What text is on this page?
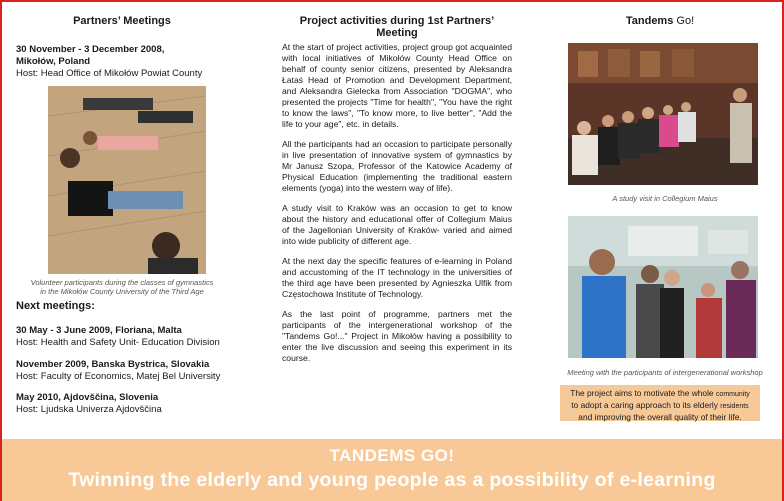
Partners’ Meetings
30 November - 3 December 2008,
Mikołów, Poland
Host: Head Office of Mikołów Powiat County
Volunteer participants during the classes of gymnastics
in the Mikołów County University of the Third Age
Next meetings:
30 May - 3 June 2009, Floriana, Malta
Host: Health and Safety Unit- Education Division
November 2009, Banska Bystrica, Slovakia
Host: Faculty of Economics, Matej Bel University
May 2010, Ajdovščina, Slovenia
Host: Ljudska Univerza Ajdovščina
Project activities during 1st Partners’ Meeting

At the start of project activities, project group got acquainted with local initiatives of Mikołów County Head Office on behalf of county senior citizens, presented by Aleksandra Łataś Head of Promotion and Development Department, and Aleksandra Gielecka from Association "DOGMA", who presented the projects "Time for health", "You have the right to know the laws", "To know more, to live better", "Add the life to your age", etc. in details.

All the participants had an occasion to participate personally in live presentation of innovative system of gymnastics by Mr Janusz Szopa, Professor of the Katowice Academy of Physical Education (implementing the traditional eastern elements (yoga) into the western way of life).

A study visit to Kraków was an occasion to get to know about the history and educational offer of Collegium Maius of the Jagellonian University of Kraków- varied and aimed into wide publicity of different age.

At the next day the specific features of e-learning in Poland and accustoming of the IT technology in the universities of the third age have been presented by Agnieszka Ulfik from Częstochowa Institute of Technology.

As the last point of programme, partners met the participants of the intergenerational workshop of the "Tandems Go!..." Project in Mikołów having a possibility to enter the live discussion and seeing this experiment in its course.

Tandems Go!
A study visit in Collegium Maius
Meeting with the participants of intergenerational workshop
The project aims to motivate the whole community
to adopt a caring approach to its elderly residents
and improving the overall quality of their life.
TANDEMS GO!
Twinning the elderly and young people as a possibility of e-learning
